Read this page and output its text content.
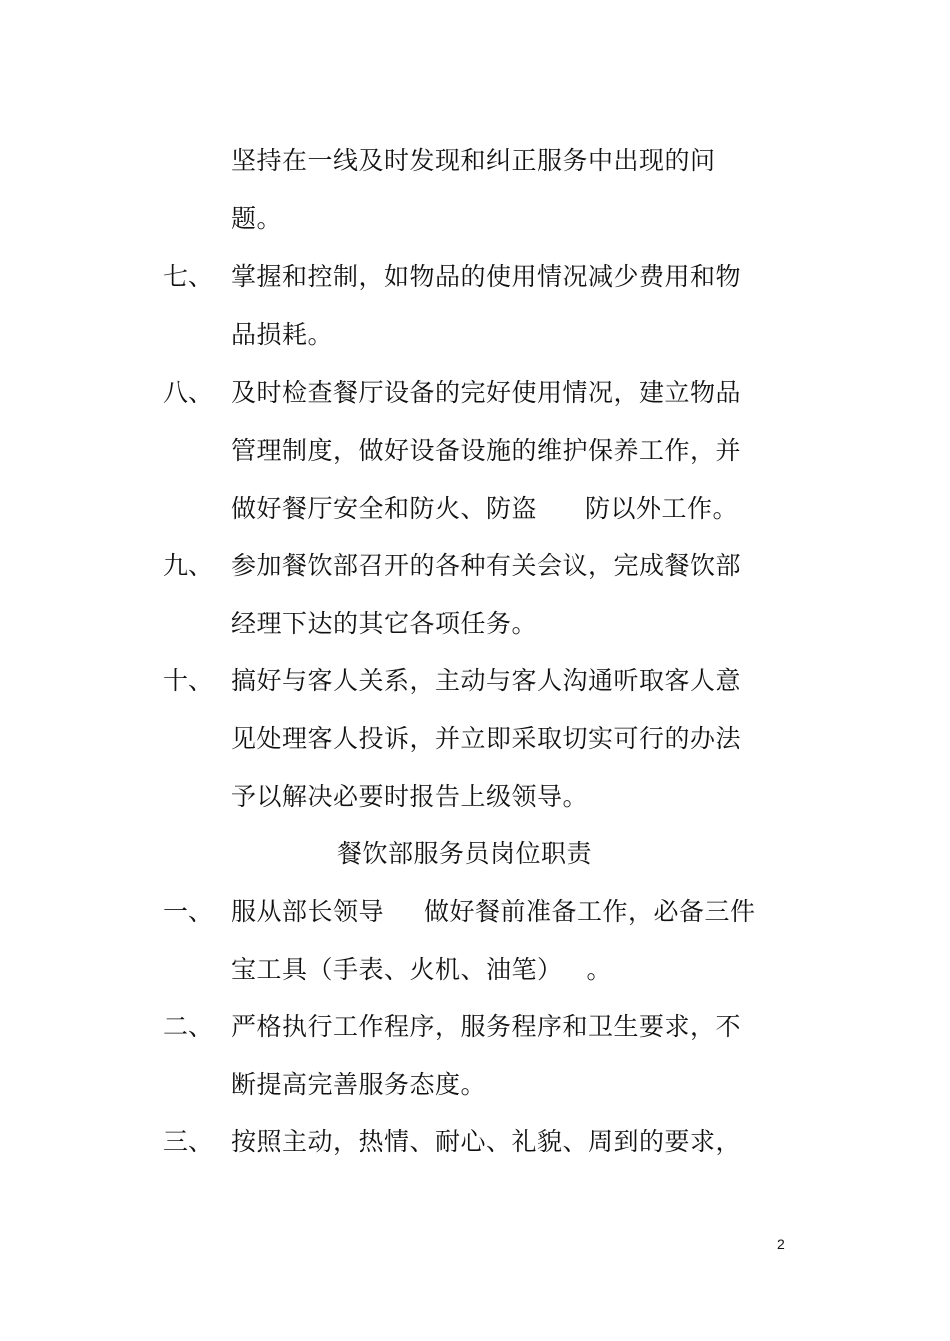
坚持在一线及时发现和纠正服务中出现的问
题。
七、 掌握和控制，如物品的使用情况减少费用和物
品损耗。
八、 及时检查餐厅设备的完好使用情况，建立物品
管理制度，做好设备设施的维护保养工作，并
做好餐厅安全和防火、防盗 防以外工作。
九、 参加餐饮部召开的各种有关会议，完成餐饮部
经理下达的其它各项任务。
十、 搞好与客人关系，主动与客人沟通听取客人意
见处理客人投诉，并立即采取切实可行的办法
予以解决必要时报告上级领导。
餐饮部服务员岗位职责
一、 服从部长领导 做好餐前准备工作，必备三件
宝工具（手表、火机、油笔） 。
二、 严格执行工作程序，服务程序和卫生要求，不
断提高完善服务态度。
三、 按照主动，热情、耐心、礼貌、周到的要求，
2
